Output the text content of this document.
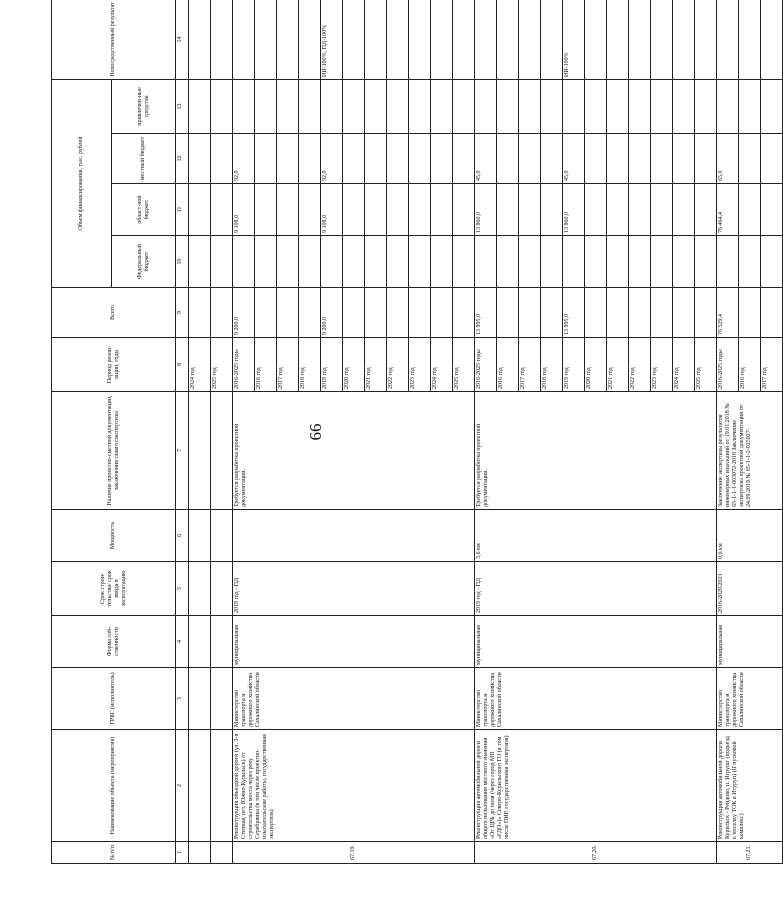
66
№ п/п	Наименование объекта (мероприятия)	ГРБС (исполнитель)	Форма соб-ственности	Срок строи-тельства/ срок ввода в эксплуатацию	Мощность	Наличие проектно-сметной документации, заключения главгосэкспертизы	Период реали-зации, годы	Всего	Объем финансирования, тыс. рублей				Непосредственный результат
									Федеральный бюджет	област-ной бюджет	местный бюджет	привлечен-ные средства	
1	2	3	4	5	6	7	8	9	10	11	12	13	14
							2024 год						
							2025 год						
67.19.	Реконструкция объездной дороги (ул. 3-я Степная, пгт. Южно-Курильск) от строительства моста через реку Серебрянка (в том числе проектно-изыскательские работы, государственная экспертиза)	Министерство транспорта и дорожного хозяйства Сахалинской области	муниципальная	2019 год - ПД		Требуется разработка проектной документации.	2016-2025 годы	9 200,0		9 108,0	92,0		
							2016 год						
							2017 год						
							2018 год						
							2019 год	9 200,0		9 108,0	92,0		ИИ-100%, ПД-100%
							2020 год						
							2021 год						
							2022 год						
							2023 год						
							2024 год						
							2025 год						
67.20.	Реконструкция автомобильной дороги общего пользования местного значения «От ЦРБ до поля (через город МП «ГДО»)» Северо-Курильского ГО (в том числе ПИР, государственная экспертиза)	Министерство транспорта и дорожного хозяйства Сахалинской области	муниципальная	2019 год - ПД	3,6 км	Требуется разработка проектной документации.	2016-2025 годы	13 995,0		13 860,0	45,0		
							2016 год						
							2017 год						
							2018 год						
							2019 год	13 995,0		13 860,0	45,0		ИИ-100%
							2020 год						
							2021 год						
							2022 год						
							2023 год						
							2024 год						
							2025 год						
67.21.	Реконструкция автомобильной дороги Курильск - Рейдово, п. Игрушг (подъезд к поселку ТОК в Итуруп) (II пусковой комплекс)	Министерство транспорта и дорожного хозяйства Сахалинской области	муниципальная	2016-2020/2021	0,6 км	Заключение экспертизы результатов инженерных изысканий от 19.01.2018 № 65-1-1-1-003072-2018 Заключение экспертизы проектной документации от 24.09.2019 № 65-1-1-2-025927-	2016-2025 годы	76 529,4		76 464,4	65,0		
							2016 год						
							2017 год						
